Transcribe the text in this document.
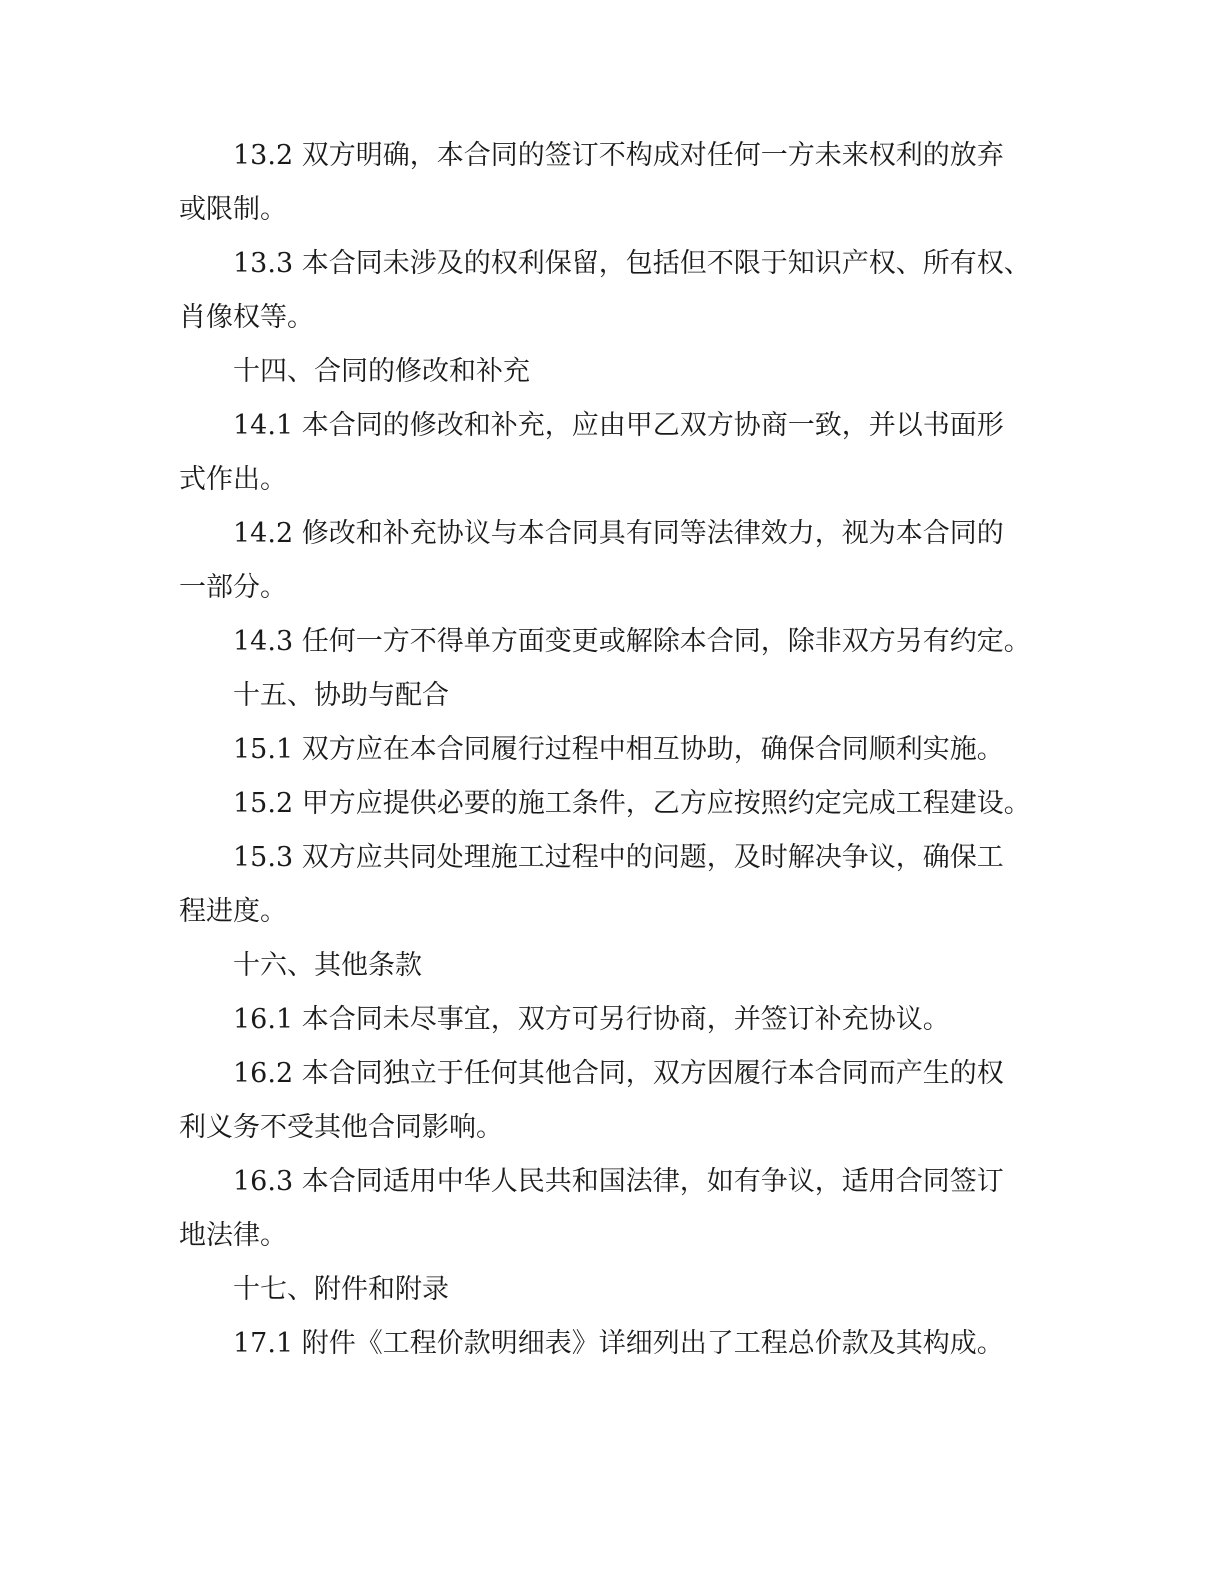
13.2 双方明确，本合同的签订不构成对任何一方未来权利的放弃
或限制。
13.3 本合同未涉及的权利保留，包括但不限于知识产权、所有权、
肖像权等。
十四、合同的修改和补充
14.1 本合同的修改和补充，应由甲乙双方协商一致，并以书面形
式作出。
14.2 修改和补充协议与本合同具有同等法律效力，视为本合同的
一部分。
14.3 任何一方不得单方面变更或解除本合同，除非双方另有约定。
十五、协助与配合
15.1 双方应在本合同履行过程中相互协助，确保合同顺利实施。
15.2 甲方应提供必要的施工条件，乙方应按照约定完成工程建设。
15.3 双方应共同处理施工过程中的问题，及时解决争议，确保工
程进度。
十六、其他条款
16.1 本合同未尽事宜，双方可另行协商，并签订补充协议。
16.2 本合同独立于任何其他合同，双方因履行本合同而产生的权
利义务不受其他合同影响。
16.3 本合同适用中华人民共和国法律，如有争议，适用合同签订
地法律。
十七、附件和附录
17.1 附件《工程价款明细表》详细列出了工程总价款及其构成。
